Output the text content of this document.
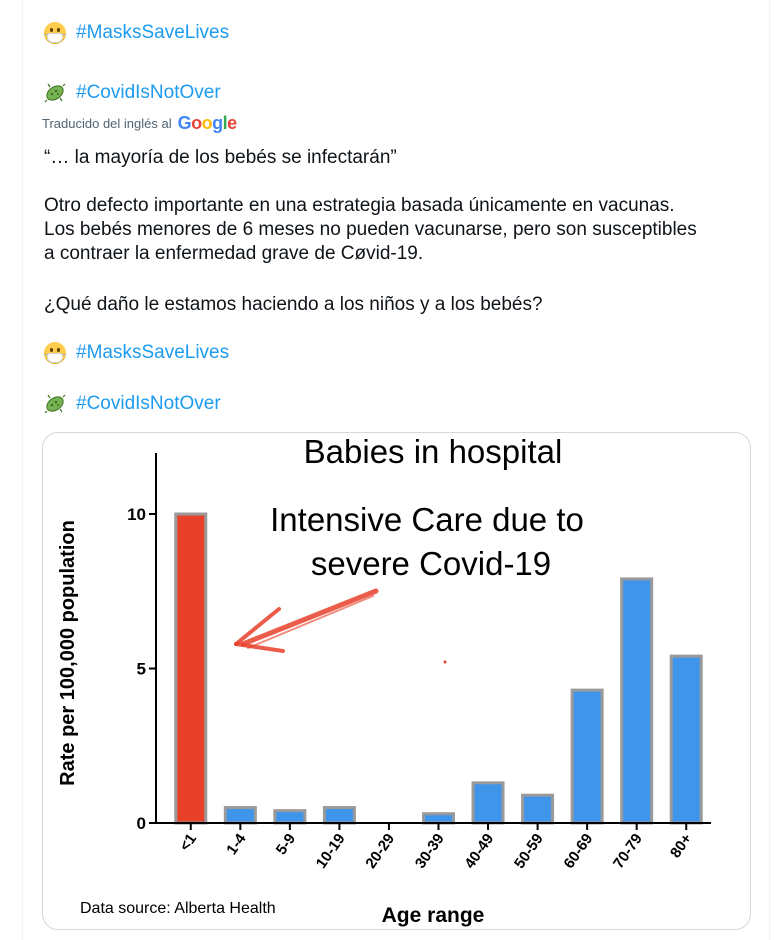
#MasksSaveLives
#CovidIsNotOver
Traducido del inglés al Google
“… la mayoría de los bebés se infectarán”
Otro defecto importante en una estrategia basada únicamente en vacunas.
Los bebés menores de 6 meses no pueden vacunarse, pero son susceptibles
a contraer la enfermedad grave de Cøvid-19.
¿Qué daño le estamos haciendo a los niños y a los bebés?
#MasksSaveLives
#CovidIsNotOver
0
5
10
<1 1-4 5-9 10-19 20-29 30-39 40-49 50-59 60-69 70-79 80+
Rate per 100,000 population
Babies in hospital
Intensive Care due to
severe Covid-19
Data source: Alberta Health	Age range
